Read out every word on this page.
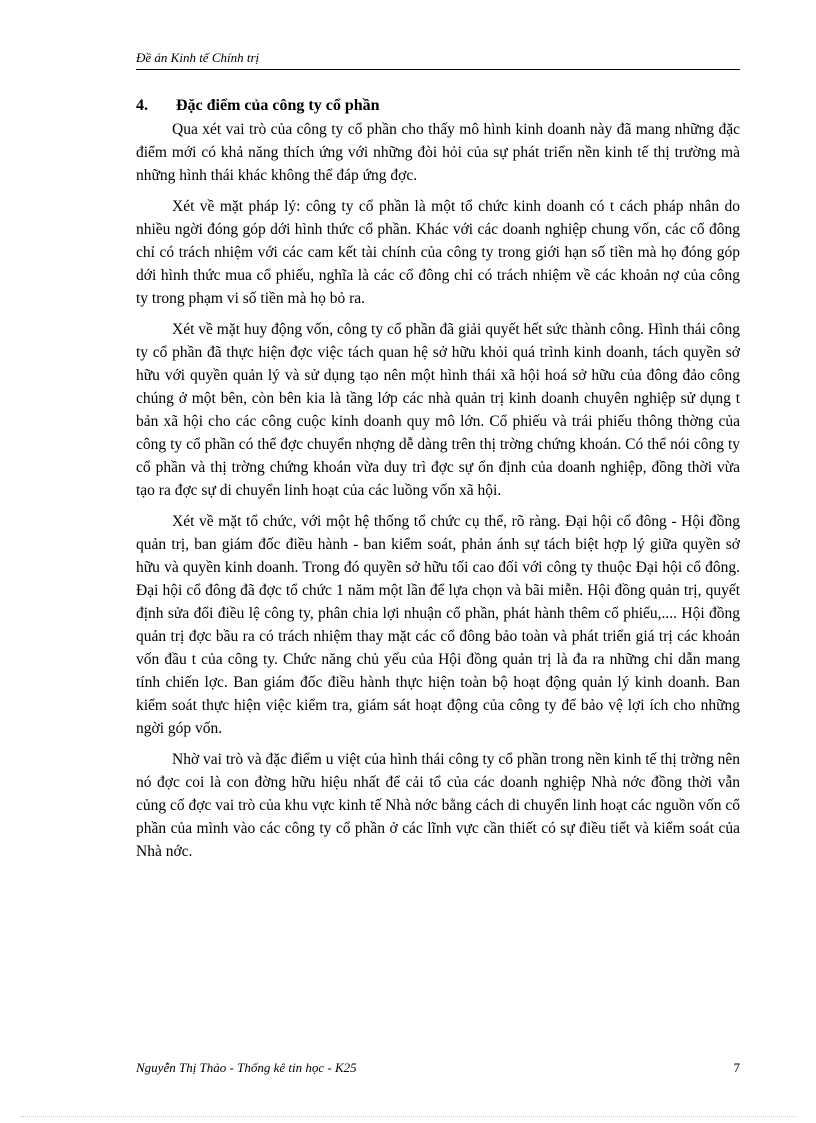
Đề án Kinh tế Chính trị
4. Đặc điểm của công ty cổ phần

Qua xét vai trò của công ty cổ phần cho thấy mô hình kinh doanh này đã mang những đặc điểm mới có khả năng thích ứng với những đòi hỏi của sự phát triển nền kinh tế thị trường mà những hình thái khác không thể đáp ứng đợc.

Xét về mặt pháp lý: công ty cổ phần là một tổ chức kinh doanh có t cách pháp nhân do nhiều ngời đóng góp dới hình thức cổ phần. Khác với các doanh nghiệp chung vốn, các cổ đông chỉ có trách nhiệm với các cam kết tài chính của công ty trong giới hạn số tiền mà họ đóng góp dới hình thức mua cổ phiếu, nghĩa là các cổ đông chỉ có trách nhiệm về các khoản nợ của công ty trong phạm vi số tiền mà họ bỏ ra.

Xét về mặt huy động vốn, công ty cổ phần đã giải quyết hết sức thành công. Hình thái công ty cổ phần đã thực hiện đợc việc tách quan hệ sở hữu khỏi quá trình kinh doanh, tách quyền sở hữu với quyền quản lý và sử dụng tạo nên một hình thái xã hội hoá sở hữu của đông đảo công chúng ở một bên, còn bên kia là tầng lớp các nhà quản trị kinh doanh chuyên nghiệp sử dụng t bản xã hội cho các công cuộc kinh doanh quy mô lớn. Cổ phiếu và trái phiếu thông thờng của công ty cổ phần có thể đợc chuyển nhợng dễ dàng trên thị trờng chứng khoán. Có thể nói công ty cổ phần và thị trờng chứng khoán vừa duy trì đợc sự ổn định của doanh nghiệp, đồng thời vừa tạo ra đợc sự di chuyển linh hoạt của các luồng vốn xã hội.

Xét về mặt tổ chức, với một hệ thống tổ chức cụ thể, rõ ràng. Đại hội cổ đông - Hội đồng quản trị, ban giám đốc điều hành - ban kiểm soát, phản ánh sự tách biệt hợp lý giữa quyền sở hữu và quyền kinh doanh. Trong đó quyền sở hữu tối cao đối với công ty thuộc Đại hội cổ đông. Đại hội cổ đông đã đợc tổ chức 1 năm một lần để lựa chọn và bãi miễn. Hội đồng quản trị, quyết định sửa đổi điều lệ công ty, phân chia lợi nhuận cổ phần, phát hành thêm cổ phiếu,.... Hội đồng quản trị đợc bầu ra có trách nhiệm thay mặt các cổ đông bảo toàn và phát triển giá trị các khoản vốn đầu t của công ty. Chức năng chủ yếu của Hội đồng quản trị là đa ra những chỉ dẫn mang tính chiến lợc. Ban giám đốc điều hành thực hiện toàn bộ hoạt động quản lý kinh doanh. Ban kiểm soát thực hiện việc kiểm tra, giám sát hoạt động của công ty để bảo vệ lợi ích cho những ngời góp vốn.

Nhờ vai trò và đặc điểm u việt của hình thái công ty cổ phần trong nền kinh tế thị trờng nên nó đợc coi là con đờng hữu hiệu nhất để cải tổ của các doanh nghiệp Nhà nớc đồng thời vẫn củng cố đợc vai trò của khu vực kinh tế Nhà nớc bằng cách di chuyển linh hoạt các nguồn vốn cổ phần của mình vào các công ty cổ phần ở các lĩnh vực cần thiết có sự điều tiết và kiểm soát của Nhà nớc.

Nguyễn Thị Thảo - Thống kê tin học - K25	7
